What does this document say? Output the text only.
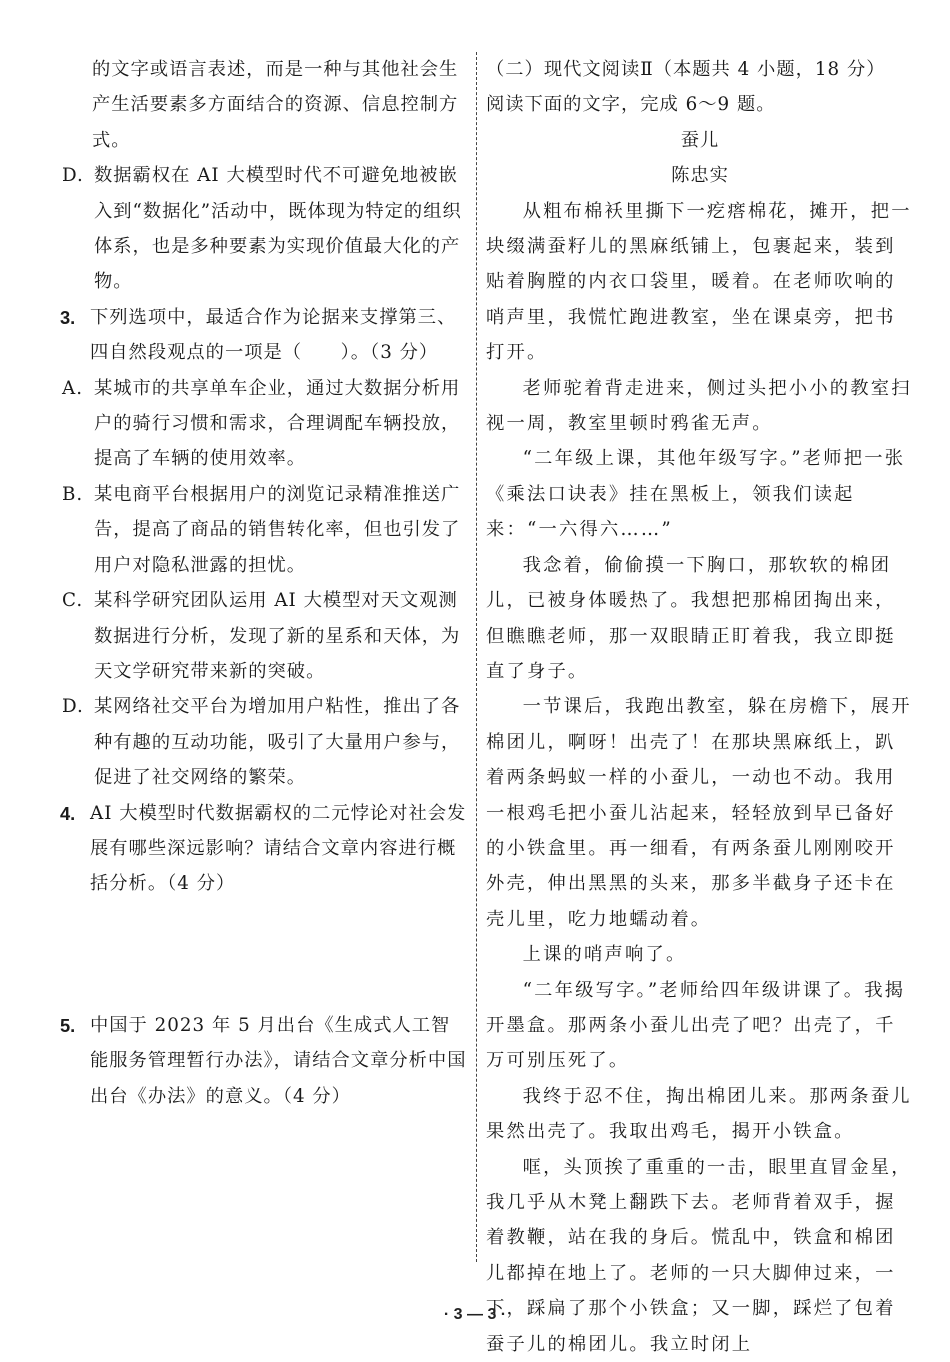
的文字或语言表述，而是一种与其他社会生产生活要素多方面结合的资源、信息控制方式。

D. 数据霸权在 AI 大模型时代不可避免地被嵌入到“数据化”活动中，既体现为特定的组织体系，也是多种要素为实现价值最大化的产物。
3. 下列选项中，最适合作为论据来支撑第三、四自然段观点的一项是（　　）。（3 分）
A. 某城市的共享单车企业，通过大数据分析用户的骑行习惯和需求，合理调配车辆投放，提高了车辆的使用效率。
B. 某电商平台根据用户的浏览记录精准推送广告，提高了商品的销售转化率，但也引发了用户对隐私泄露的担忧。
C. 某科学研究团队运用 AI 大模型对天文观测数据进行分析，发现了新的星系和天体，为天文学研究带来新的突破。
D. 某网络社交平台为增加用户粘性，推出了各种有趣的互动功能，吸引了大量用户参与，促进了社交网络的繁荣。
4. AI 大模型时代数据霸权的二元悖论对社会发展有哪些深远影响？请结合文章内容进行概括分析。（4 分）
5. 中国于 2023 年 5 月出台《生成式人工智能服务管理暂行办法》，请结合文章分析中国出台《办法》的意义。（4 分）

（二）现代文阅读Ⅱ（本题共 4 小题，18 分）

阅读下面的文字，完成 6～9 题。

蚕儿

陈忠实

从粗布棉袄里撕下一疙瘩棉花，摊开，把一块缀满蚕籽儿的黑麻纸铺上，包裹起来，装到贴着胸膛的内衣口袋里，暖着。在老师吹响的哨声里，我慌忙跑进教室，坐在课桌旁，把书打开。

老师驼着背走进来，侧过头把小小的教室扫视一周，教室里顿时鸦雀无声。

“二年级上课，其他年级写字。”老师把一张《乘法口诀表》挂在黑板上，领我们读起来：“一六得六……”

我念着，偷偷摸一下胸口，那软软的棉团儿，已被身体暖热了。我想把那棉团掏出来，但瞧瞧老师，那一双眼睛正盯着我，我立即挺直了身子。

一节课后，我跑出教室，躲在房檐下，展开棉团儿，啊呀！出壳了！在那块黑麻纸上，趴着两条蚂蚁一样的小蚕儿，一动也不动。我用一根鸡毛把小蚕儿沾起来，轻轻放到早已备好的小铁盒里。再一细看，有两条蚕儿刚刚咬开外壳，伸出黑黑的头来，那多半截身子还卡在壳儿里，吃力地蠕动着。

上课的哨声响了。

“二年级写字。”老师给四年级讲课了。我揭开墨盒。那两条小蚕儿出壳了吧？出壳了，千万可别压死了。

我终于忍不住，掏出棉团儿来。那两条蚕儿果然出壳了。我取出鸡毛，揭开小铁盒。

哐，头顶挨了重重的一击，眼里直冒金星，我几乎从木凳上翻跌下去。老师背着双手，握着教鞭，站在我的身后。慌乱中，铁盒和棉团儿都掉在地上了。老师的一只大脚伸过来，一下，踩扁了那个小铁盒；又一脚，踩烂了包着蚕子儿的棉团儿。我立时闭上

· 3 — 3 ·
